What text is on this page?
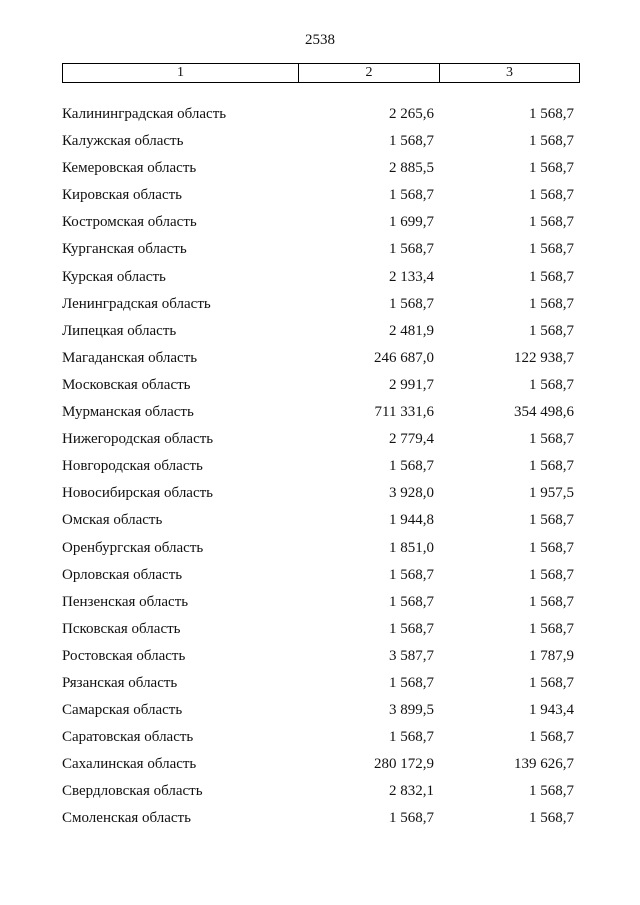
2538
1	2	3
Калининградская область	2 265,6	1 568,7
Калужская область	1 568,7	1 568,7
Кемеровская область	2 885,5	1 568,7
Кировская область	1 568,7	1 568,7
Костромская область	1 699,7	1 568,7
Курганская область	1 568,7	1 568,7
Курская область	2 133,4	1 568,7
Ленинградская область	1 568,7	1 568,7
Липецкая область	2 481,9	1 568,7
Магаданская область	246 687,0	122 938,7
Московская область	2 991,7	1 568,7
Мурманская область	711 331,6	354 498,6
Нижегородская область	2 779,4	1 568,7
Новгородская область	1 568,7	1 568,7
Новосибирская область	3 928,0	1 957,5
Омская область	1 944,8	1 568,7
Оренбургская область	1 851,0	1 568,7
Орловская область	1 568,7	1 568,7
Пензенская область	1 568,7	1 568,7
Псковская область	1 568,7	1 568,7
Ростовская область	3 587,7	1 787,9
Рязанская область	1 568,7	1 568,7
Самарская область	3 899,5	1 943,4
Саратовская область	1 568,7	1 568,7
Сахалинская область	280 172,9	139 626,7
Свердловская область	2 832,1	1 568,7
Смоленская область	1 568,7	1 568,7
